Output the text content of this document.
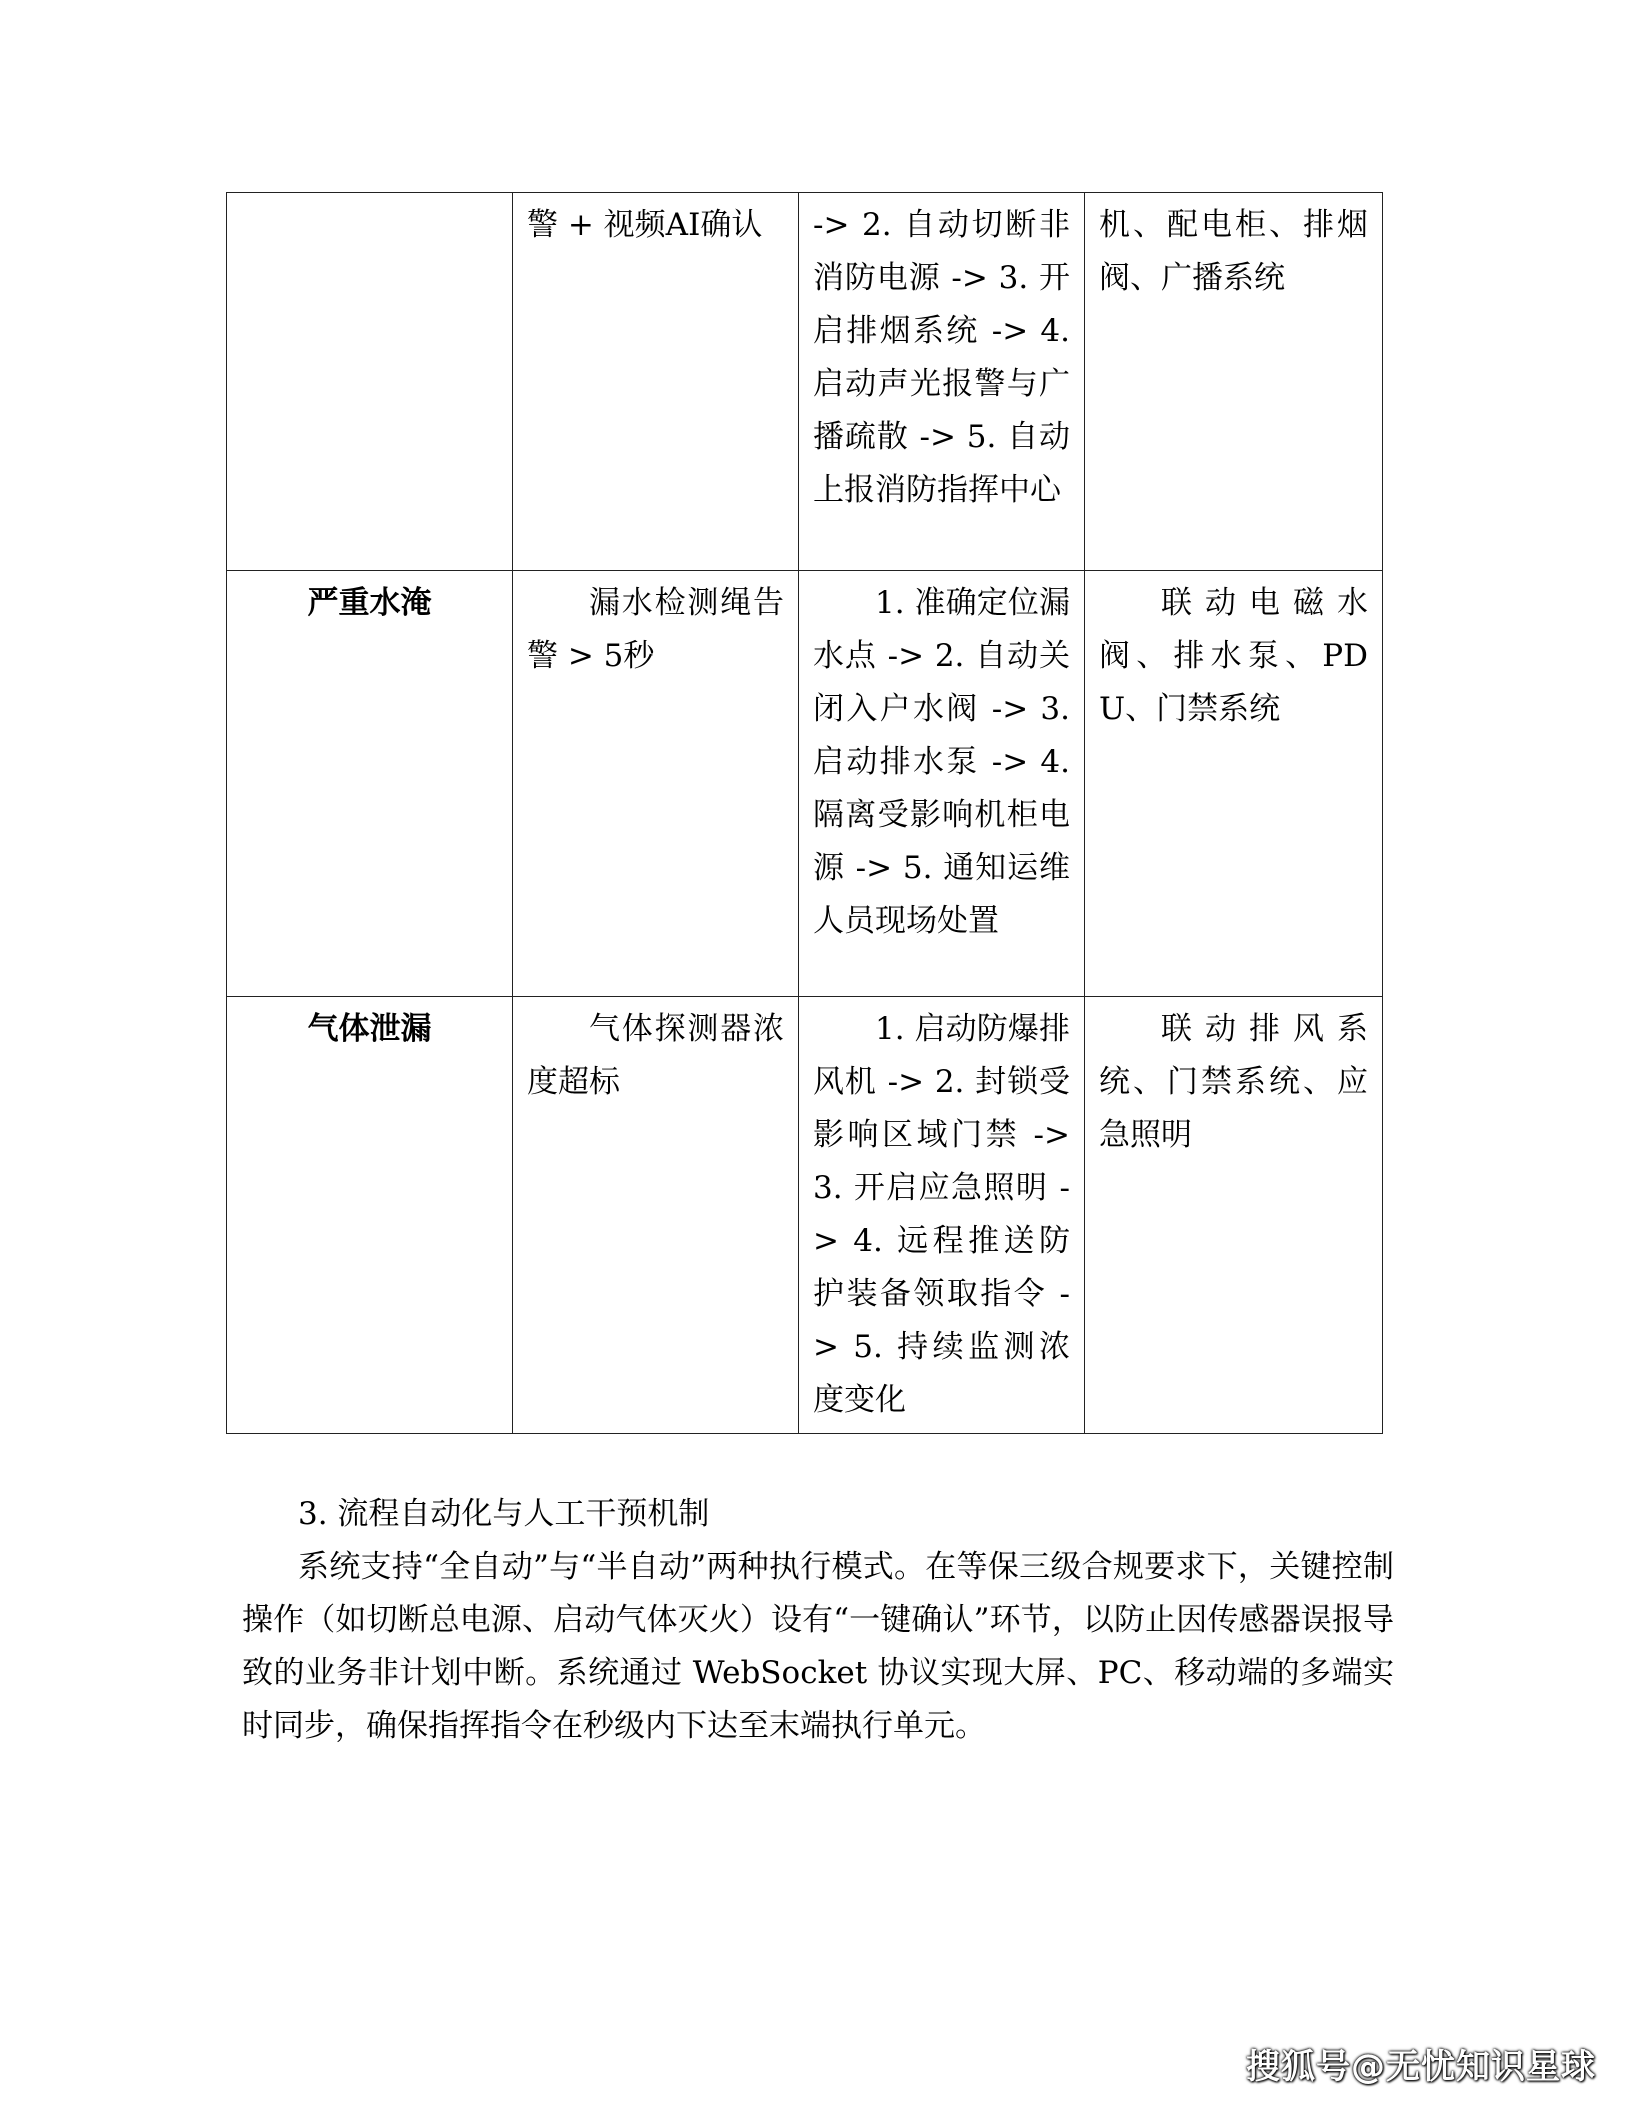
	警 + 视频AI确认	-> 2. 自动切断非消防电源 -> 3. 开启排烟系统 -> 4. 启动声光报警与广播疏散 -> 5. 自动上报消防指挥中心	机、配电柜、排烟阀、广播系统
严重水淹	漏水检测绳告警 > 5秒	1. 准确定位漏水点 -> 2. 自动关闭入户水阀 -> 3. 启动排水泵 -> 4. 隔离受影响机柜电源 -> 5. 通知运维人员现场处置	联动电磁水阀、排水泵、PDU、门禁系统
气体泄漏	气体探测器浓度超标	1. 启动防爆排风机 -> 2. 封锁受影响区域门禁 -> 3. 开启应急照明 -> 4. 远程推送防护装备领取指令 -> 5. 持续监测浓度变化	联动排风系统、门禁系统、应急照明

3. 流程自动化与人工干预机制

系统支持“全自动”与“半自动”两种执行模式。在等保三级合规要求下，关键控制操作（如切断总电源、启动气体灭火）设有“一键确认”环节，以防止因传感器误报导致的业务非计划中断。系统通过 WebSocket 协议实现大屏、PC、移动端的多端实时同步，确保指挥指令在秒级内下达至末端执行单元。

搜狐号@无忧知识星球
